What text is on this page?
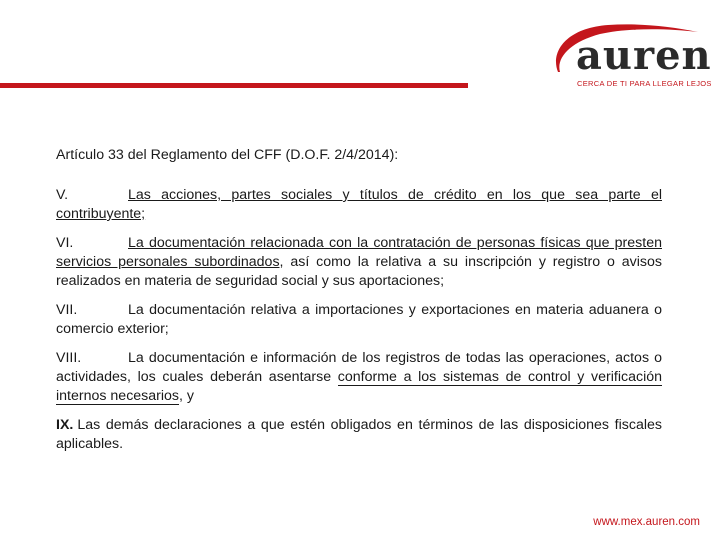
auren
CERCA DE TI PARA LLEGAR LEJOS

Artículo 33 del Reglamento del CFF (D.O.F. 2/4/2014):

V.	Las acciones, partes sociales y títulos de crédito en los que sea parte el contribuyente;

VI.	La documentación relacionada con la contratación de personas físicas que presten servicios personales subordinados, así como la relativa a su inscripción y registro o avisos realizados en materia de seguridad social y sus aportaciones;

VII.	La documentación relativa a importaciones y exportaciones en materia aduanera o comercio exterior;

VIII.	La documentación e información de los registros de todas las operaciones, actos o actividades, los cuales deberán asentarse conforme a los sistemas de control y verificación internos necesarios, y

IX. Las demás declaraciones a que estén obligados en términos de las disposiciones fiscales aplicables.

www.mex.auren.com
